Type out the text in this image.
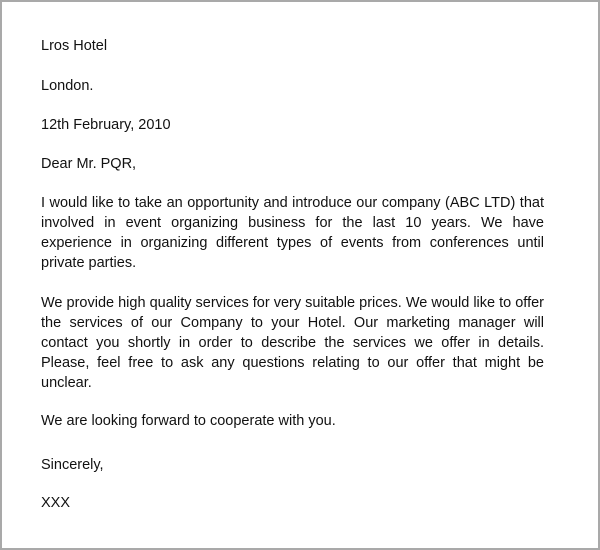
Lros Hotel
London.
12th February, 2010
Dear Mr. PQR,
I would like to take an opportunity and introduce our company (ABC LTD) that involved in event organizing business for the last 10 years. We have experience in organizing different types of events from conferences until private parties.
We provide high quality services for very suitable prices. We would like to offer the services of our Company to your Hotel. Our marketing manager will contact you shortly in order to describe the services we offer in details. Please, feel free to ask any questions relating to our offer that might be unclear.
We are looking forward to cooperate with you.
Sincerely,
XXX
